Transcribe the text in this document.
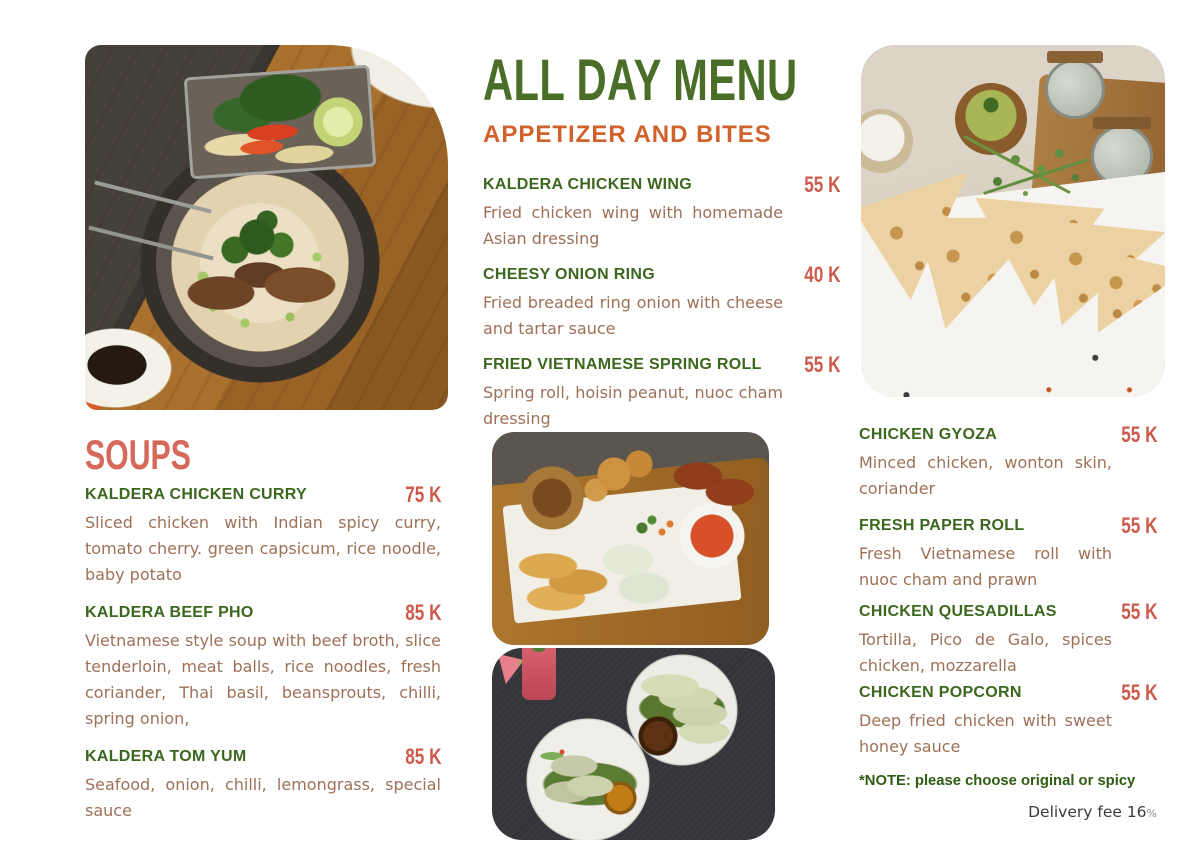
ALL DAY MENU
APPETIZER AND BITES
SOUPS
KALDERA CHICKEN WING	55 K

Fried chicken wing with homemade Asian dressing

CHEESY ONION RING	40 K

Fried breaded ring onion with cheese and tartar sauce

FRIED VIETNAMESE SPRING ROLL 55 K

Spring roll, hoisin peanut, nuoc cham dressing

KALDERA CHICKEN CURRY	75 K

Sliced chicken with Indian spicy curry, tomato cherry. green capsicum, rice noodle, baby potato

KALDERA BEEF PHO	85 K

Vietnamese style soup with beef broth, slice tenderloin, meat balls, rice noodles, fresh coriander, Thai basil, beansprouts, chilli, spring onion,

KALDERA TOM YUM	85 K

Seafood, onion, chilli, lemongrass, special sauce

CHICKEN GYOZA	55 K

Minced chicken, wonton skin, coriander

FRESH PAPER ROLL	55 K

Fresh Vietnamese roll with nuoc cham and prawn

CHICKEN QUESADILLAS	55 K

Tortilla, Pico de Galo, spices chicken, mozzarella

CHICKEN POPCORN	55 K

Deep fried chicken with sweet honey sauce

*NOTE: please choose original or spicy

Delivery fee 16%
